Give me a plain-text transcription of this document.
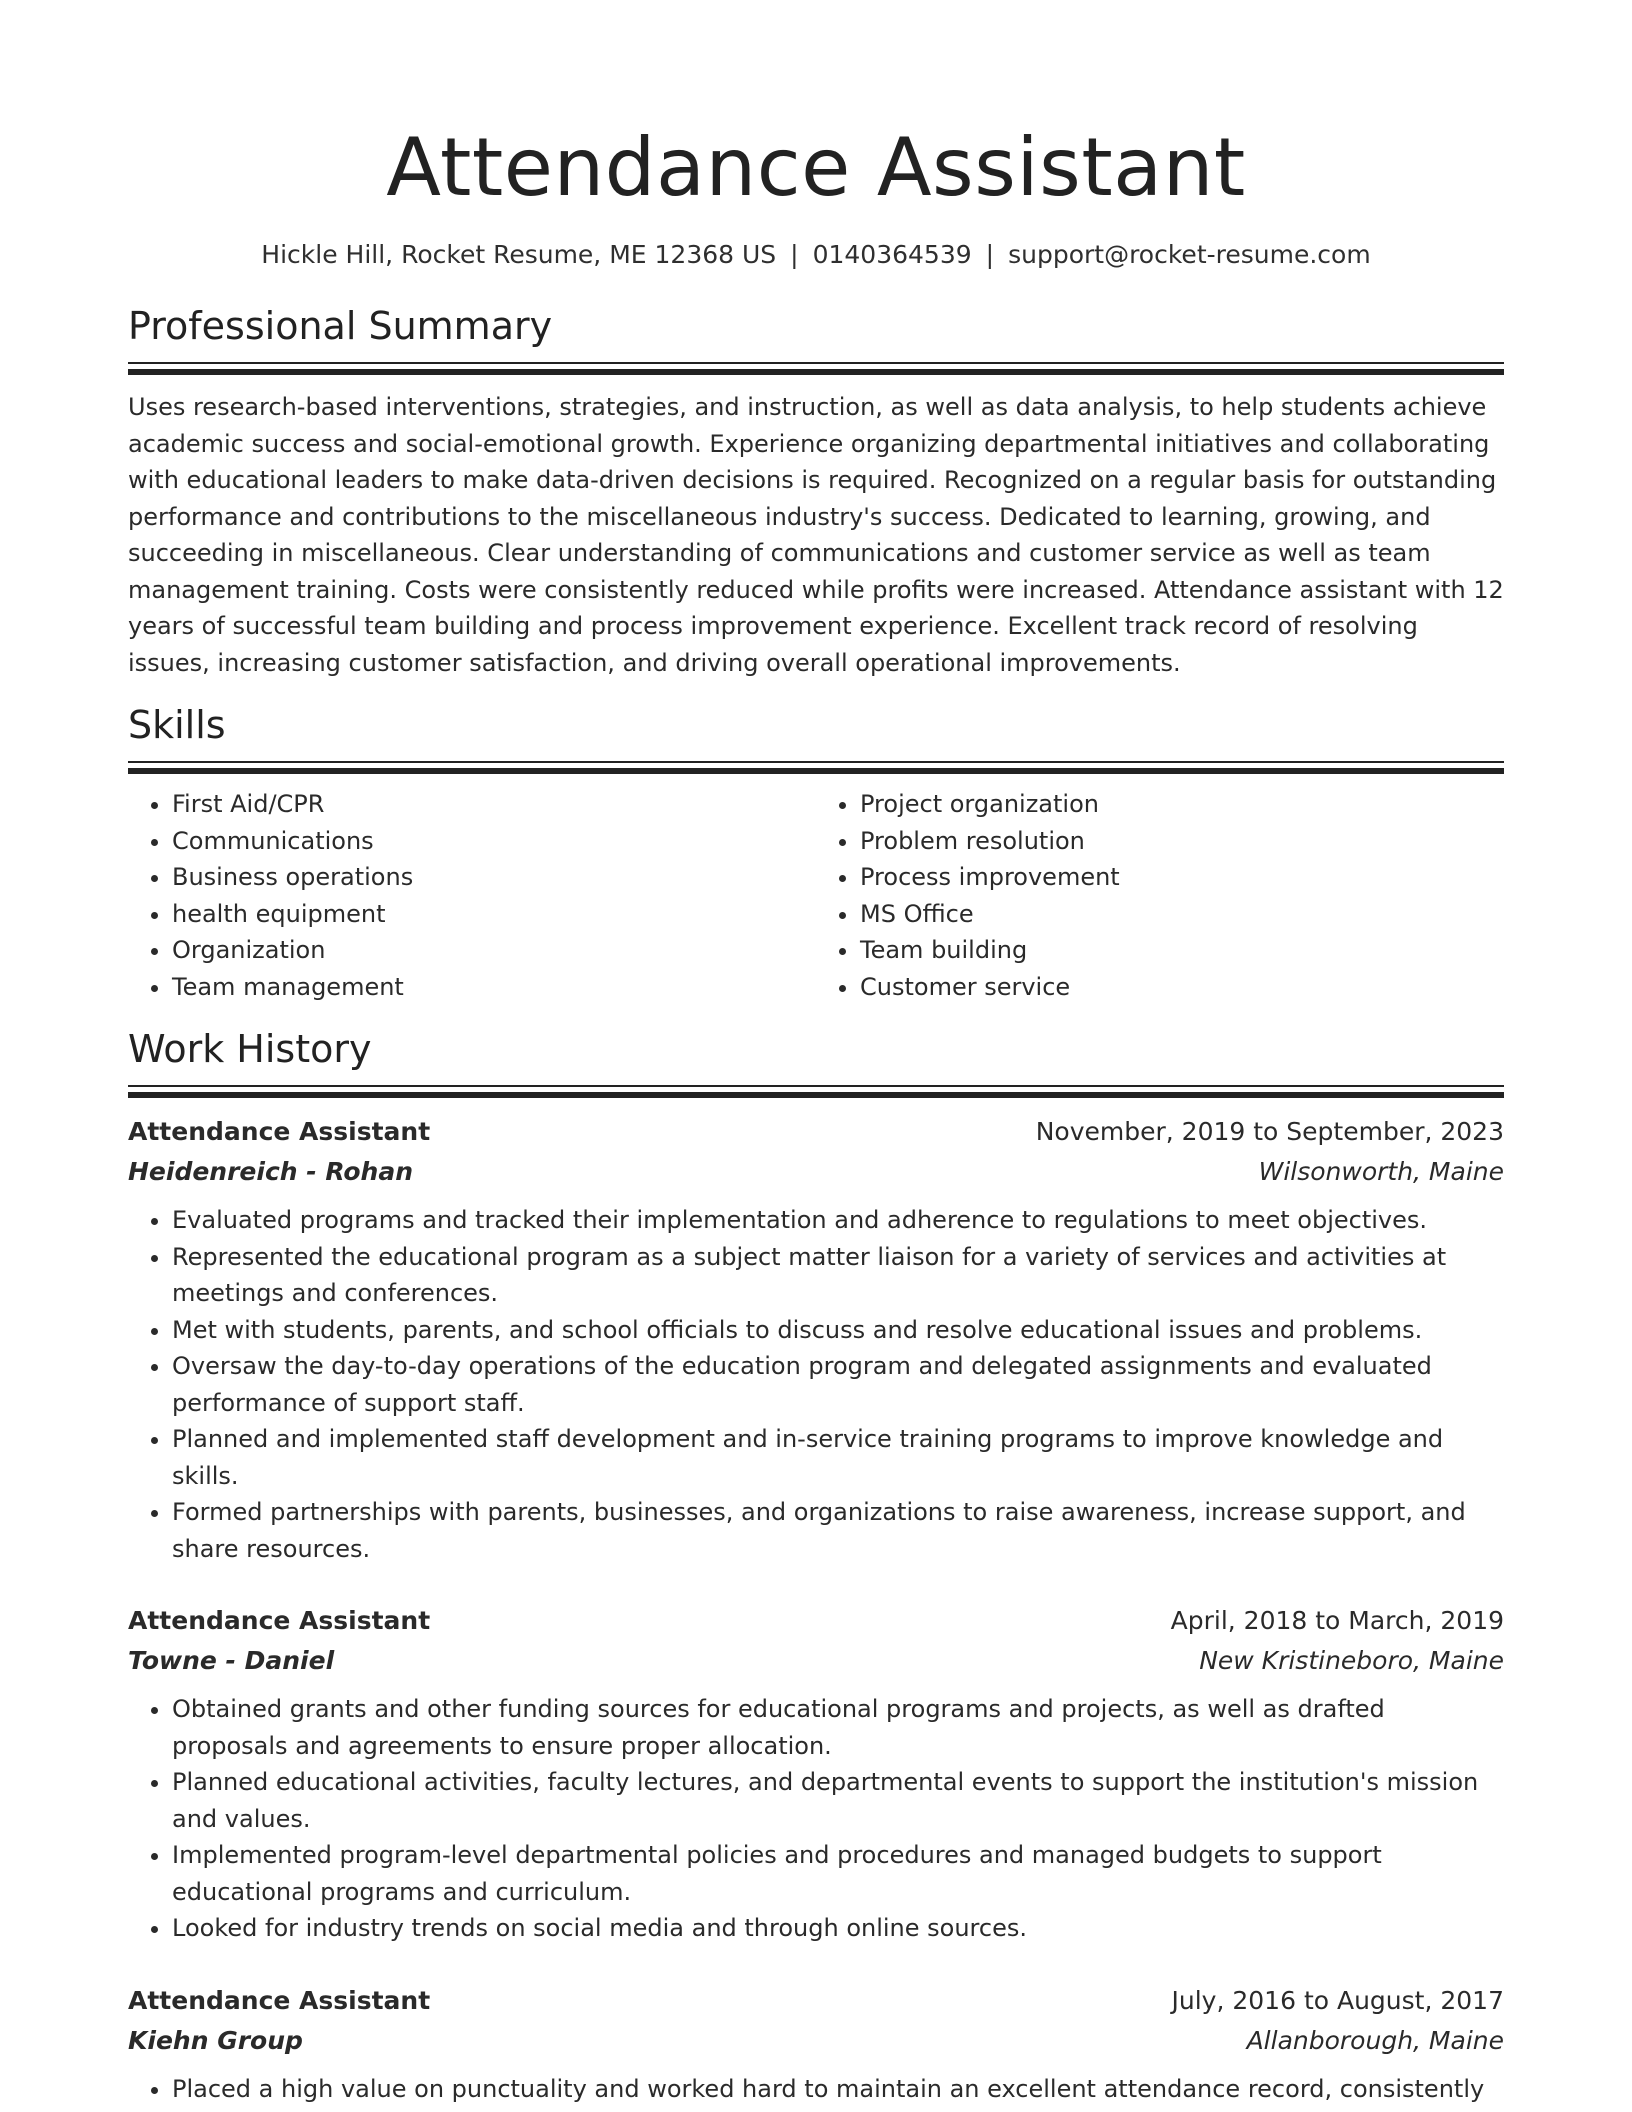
Attendance Assistant
Hickle Hill, Rocket Resume, ME 12368 US | 0140364539 | support@rocket-resume.com
Professional Summary

Uses research-based interventions, strategies, and instruction, as well as data analysis, to help students achieve academic success and social-emotional growth. Experience organizing departmental initiatives and collaborating with educational leaders to make data-driven decisions is required. Recognized on a regular basis for outstanding performance and contributions to the miscellaneous industry's success. Dedicated to learning, growing, and succeeding in miscellaneous. Clear understanding of communications and customer service as well as team management training. Costs were consistently reduced while profits were increased. Attendance assistant with 12 years of successful team building and process improvement experience. Excellent track record of resolving issues, increasing customer satisfaction, and driving overall operational improvements.

Skills
• First Aid/CPR
• Communications
• Business operations
• health equipment
• Organization
• Team management
• Project organization
• Problem resolution
• Process improvement
• MS Office
• Team building
• Customer service
Work History
Attendance Assistant	November, 2019 to September, 2023
Heidenreich - Rohan	Wilsonworth, Maine
• Evaluated programs and tracked their implementation and adherence to regulations to meet objectives.
• Represented the educational program as a subject matter liaison for a variety of services and activities at meetings and conferences.
• Met with students, parents, and school officials to discuss and resolve educational issues and problems.
• Oversaw the day-to-day operations of the education program and delegated assignments and evaluated performance of support staff.
• Planned and implemented staff development and in-service training programs to improve knowledge and skills.
• Formed partnerships with parents, businesses, and organizations to raise awareness, increase support, and share resources.
Attendance Assistant	April, 2018 to March, 2019
Towne - Daniel	New Kristineboro, Maine
• Obtained grants and other funding sources for educational programs and projects, as well as drafted proposals and agreements to ensure proper allocation.
• Planned educational activities, faculty lectures, and departmental events to support the institution's mission and values.
• Implemented program-level departmental policies and procedures and managed budgets to support educational programs and curriculum.
• Looked for industry trends on social media and through online sources.
Attendance Assistant	July, 2016 to August, 2017
Kiehn Group	Allanborough, Maine
• Placed a high value on punctuality and worked hard to maintain an excellent attendance record, consistently
